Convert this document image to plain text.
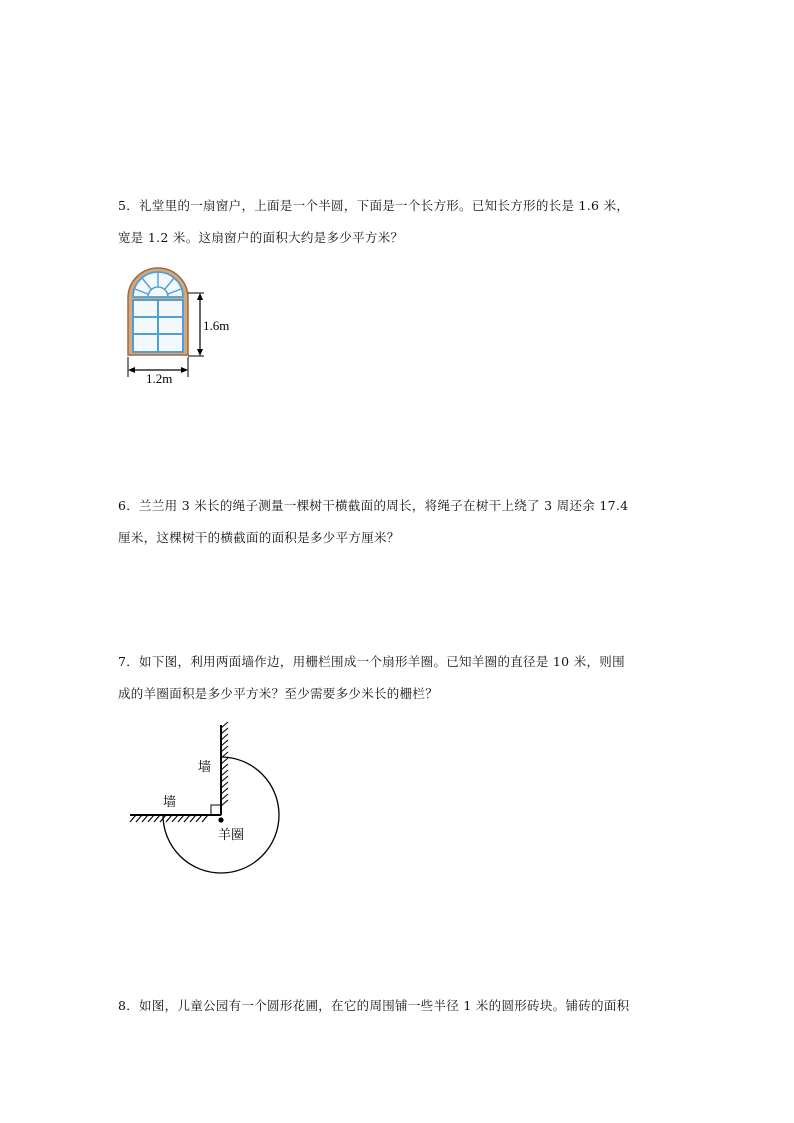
5．礼堂里的一扇窗户，上面是一个半圆，下面是一个长方形。已知长方形的长是 1.6 米，

宽是 1.2 米。这扇窗户的面积大约是多少平方米？

1.6m
1.2m

6．兰兰用 3 米长的绳子测量一棵树干横截面的周长，将绳子在树干上绕了 3 周还余 17.4

厘米，这棵树干的横截面的面积是多少平方厘米？

7．如下图，利用两面墙作边，用栅栏围成一个扇形羊圈。已知羊圈的直径是 10 米，则围

成的羊圈面积是多少平方米？至少需要多少米长的栅栏？

墙
墙
羊圈

8．如图，儿童公园有一个圆形花圃，在它的周围铺一些半径 1 米的圆形砖块。铺砖的面积
